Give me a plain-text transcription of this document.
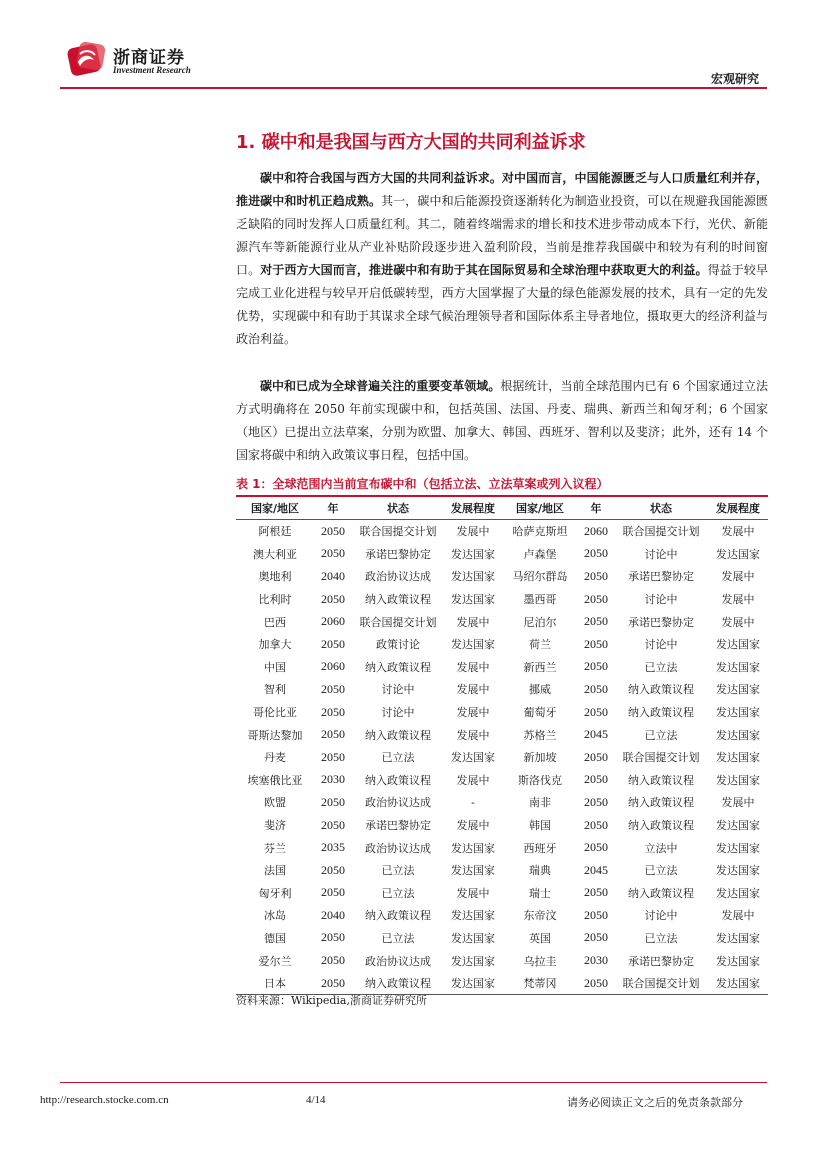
浙商证券
Investment Research
宏观研究
1. 碳中和是我国与西方大国的共同利益诉求

碳中和符合我国与西方大国的共同利益诉求。对中国而言，中国能源匮乏与人口质量红利并存，推进碳中和时机正趋成熟。其一，碳中和后能源投资逐渐转化为制造业投资，可以在规避我国能源匮乏缺陷的同时发挥人口质量红利。其二，随着终端需求的增长和技术进步带动成本下行，光伏、新能源汽车等新能源行业从产业补贴阶段逐步进入盈利阶段，当前是推荐我国碳中和较为有利的时间窗口。对于西方大国而言，推进碳中和有助于其在国际贸易和全球治理中获取更大的利益。得益于较早完成工业化进程与较早开启低碳转型，西方大国掌握了大量的绿色能源发展的技术，具有一定的先发优势，实现碳中和有助于其谋求全球气候治理领导者和国际体系主导者地位，摄取更大的经济利益与政治利益。

碳中和已成为全球普遍关注的重要变革领域。根据统计，当前全球范围内已有 6 个国家通过立法方式明确将在 2050 年前实现碳中和，包括英国、法国、丹麦、瑞典、新西兰和匈牙利；6 个国家（地区）已提出立法草案，分别为欧盟、加拿大、韩国、西班牙、智利以及斐济；此外，还有 14 个国家将碳中和纳入政策议事日程，包括中国。

表 1：全球范围内当前宣布碳中和（包括立法、立法草案或列入议程）
国家/地区	年	状态	发展程度	国家/地区	年	状态	发展程度
阿根廷	2050	联合国提交计划	发展中	哈萨克斯坦	2060	联合国提交计划	发展中
澳大利亚	2050	承诺巴黎协定	发达国家	卢森堡	2050	讨论中	发达国家
奥地利	2040	政治协议达成	发达国家	马绍尔群岛	2050	承诺巴黎协定	发展中
比利时	2050	纳入政策议程	发达国家	墨西哥	2050	讨论中	发展中
巴西	2060	联合国提交计划	发展中	尼泊尔	2050	承诺巴黎协定	发展中
加拿大	2050	政策讨论	发达国家	荷兰	2050	讨论中	发达国家
中国	2060	纳入政策议程	发展中	新西兰	2050	已立法	发达国家
智利	2050	讨论中	发展中	挪威	2050	纳入政策议程	发达国家
哥伦比亚	2050	讨论中	发展中	葡萄牙	2050	纳入政策议程	发达国家
哥斯达黎加	2050	纳入政策议程	发展中	苏格兰	2045	已立法	发达国家
丹麦	2050	已立法	发达国家	新加坡	2050	联合国提交计划	发达国家
埃塞俄比亚	2030	纳入政策议程	发展中	斯洛伐克	2050	纳入政策议程	发达国家
欧盟	2050	政治协议达成	-	南非	2050	纳入政策议程	发展中
斐济	2050	承诺巴黎协定	发展中	韩国	2050	纳入政策议程	发达国家
芬兰	2035	政治协议达成	发达国家	西班牙	2050	立法中	发达国家
法国	2050	已立法	发达国家	瑞典	2045	已立法	发达国家
匈牙利	2050	已立法	发展中	瑞士	2050	纳入政策议程	发达国家
冰岛	2040	纳入政策议程	发达国家	东帝汶	2050	讨论中	发展中
德国	2050	已立法	发达国家	英国	2050	已立法	发达国家
爱尔兰	2050	政治协议达成	发达国家	乌拉圭	2030	承诺巴黎协定	发达国家
日本	2050	纳入政策议程	发达国家	梵蒂冈	2050	联合国提交计划	发达国家
资料来源：Wikipedia,浙商证券研究所
http://research.stocke.com.cn	4/14	请务必阅读正文之后的免责条款部分
